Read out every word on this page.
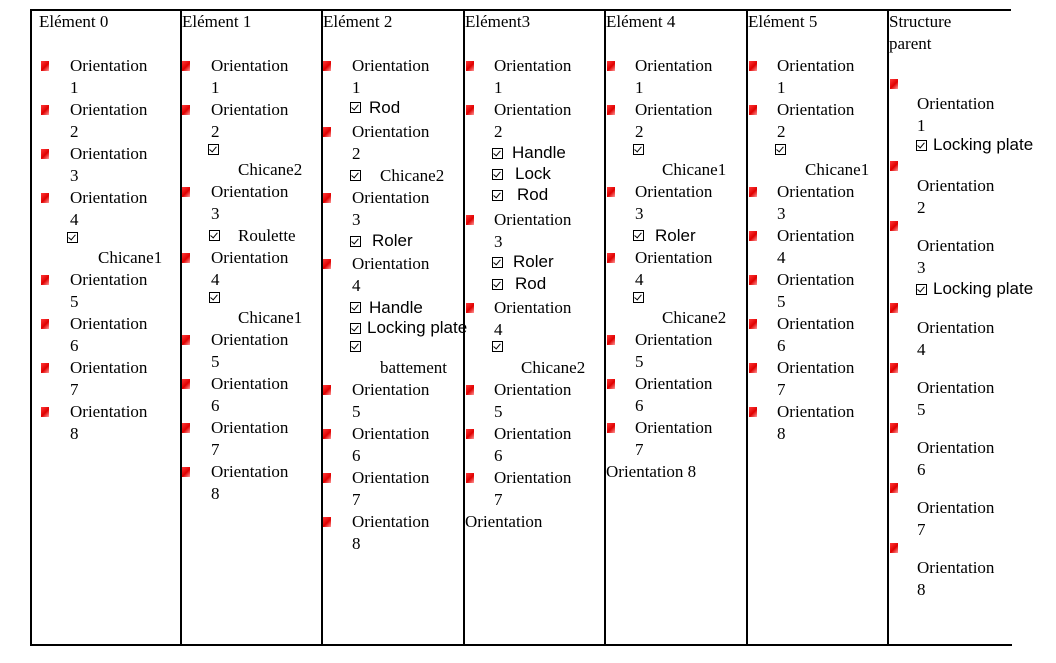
Elément 0
Orientation
1
Orientation
2
Orientation
3
Orientation
4
Chicane1
Orientation
5
Orientation
6
Orientation
7
Orientation
8
Elément 1
Orientation
1
Orientation
2
Chicane2
Orientation
3
Roulette
Orientation
4
Chicane1
Orientation
5
Orientation
6
Orientation
7
Orientation
8
Elément 2
Orientation
1
Rod
Orientation
2
Chicane2
Orientation
3
Roler
Orientation
4
Handle
Locking plate
battement
Orientation
5
Orientation
6
Orientation
7
Orientation
8
Elément3
Orientation
1
Orientation
2
Handle
Lock
Rod
Orientation
3
Roler
Rod
Orientation
4
Chicane2
Orientation
5
Orientation
6
Orientation
7
Orientation
Elément 4
Orientation
1
Orientation
2
Chicane1
Orientation
3
Roler
Orientation
4
Chicane2
Orientation
5
Orientation
6
Orientation
7
Orientation 8
Elément 5
Orientation
1
Orientation
2
Chicane1
Orientation
3
Orientation
4
Orientation
5
Orientation
6
Orientation
7
Orientation
8
Structure
parent
Orientation
1
Locking plate
Orientation
2
Orientation
3
Locking plate
Orientation
4
Orientation
5
Orientation
6
Orientation
7
Orientation
8
